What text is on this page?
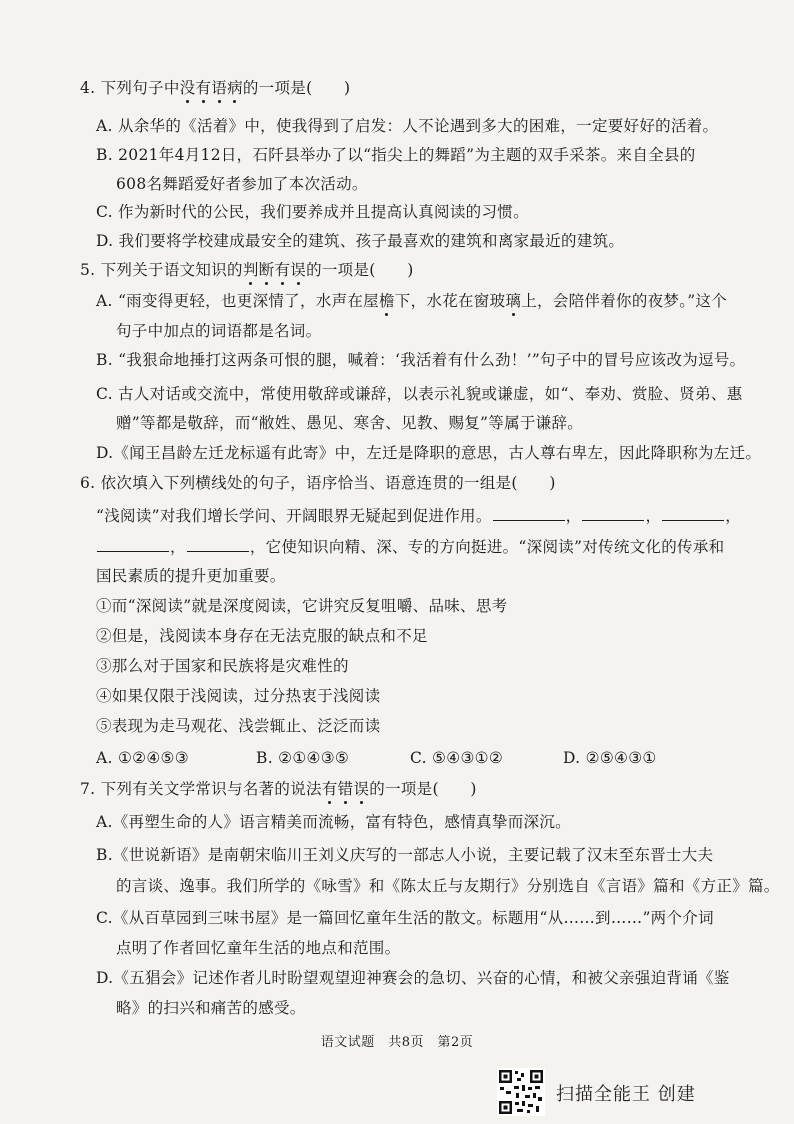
4. 下列句子中没有语病的一项是(　　)
A. 从余华的《活着》中，使我得到了启发：人不论遇到多大的困难，一定要好好的活着。
B. 2021年4月12日，石阡县举办了以“指尖上的舞蹈”为主题的双手采茶。来自全县的
608名舞蹈爱好者参加了本次活动。
C. 作为新时代的公民，我们要养成并且提高认真阅读的习惯。
D. 我们要将学校建成最安全的建筑、孩子最喜欢的建筑和离家最近的建筑。
5. 下列关于语文知识的判断有误的一项是(　　)
A. “雨变得更轻，也更深情了，水声在屋檐下，水花在窗玻璃上，会陪伴着你的夜梦。”这个
句子中加点的词语都是名词。
B. “我狠命地捶打这两条可恨的腿，喊着：‘我活着有什么劲！’”句子中的冒号应该改为逗号。
C. 古人对话或交流中，常使用敬辞或谦辞，以表示礼貌或谦虚，如“、奉劝、赏脸、贤弟、惠
赠”等都是敬辞，而“敝姓、愚见、寒舍、见教、赐复”等属于谦辞。
D.《闻王昌龄左迁龙标遥有此寄》中，左迁是降职的意思，古人尊右卑左，因此降职称为左迁。
6. 依次填入下列横线处的句子，语序恰当、语意连贯的一组是(　　)
“浅阅读”对我们增长学问、开阔眼界无疑起到促进作用。	，	，	，
，	，它使知识向精、深、专的方向挺进。“深阅读”对传统文化的传承和
国民素质的提升更加重要。
①而“深阅读”就是深度阅读，它讲究反复咀嚼、品味、思考
②但是，浅阅读本身存在无法克服的缺点和不足
③那么对于国家和民族将是灾难性的
④如果仅限于浅阅读，过分热衷于浅阅读
⑤表现为走马观花、浅尝辄止、泛泛而读
A. ①②④⑤③	B. ②①④③⑤	C. ⑤④③①②	D. ②⑤④③①
7. 下列有关文学常识与名著的说法有错误的一项是(　　)
A.《再塑生命的人》语言精美而流畅，富有特色，感情真挚而深沉。
B.《世说新语》是南朝宋临川王刘义庆写的一部志人小说，主要记载了汉末至东晋士大夫
的言谈、逸事。我们所学的《咏雪》和《陈太丘与友期行》分别选自《言语》篇和《方正》篇。
C.《从百草园到三味书屋》是一篇回忆童年生活的散文。标题用“从……到……”两个介词
点明了作者回忆童年生活的地点和范围。
D.《五猖会》记述作者儿时盼望观望迎神赛会的急切、兴奋的心情，和被父亲强迫背诵《鉴
略》的扫兴和痛苦的感受。
语文试题　共8页　第2页
扫描全能王 创建
